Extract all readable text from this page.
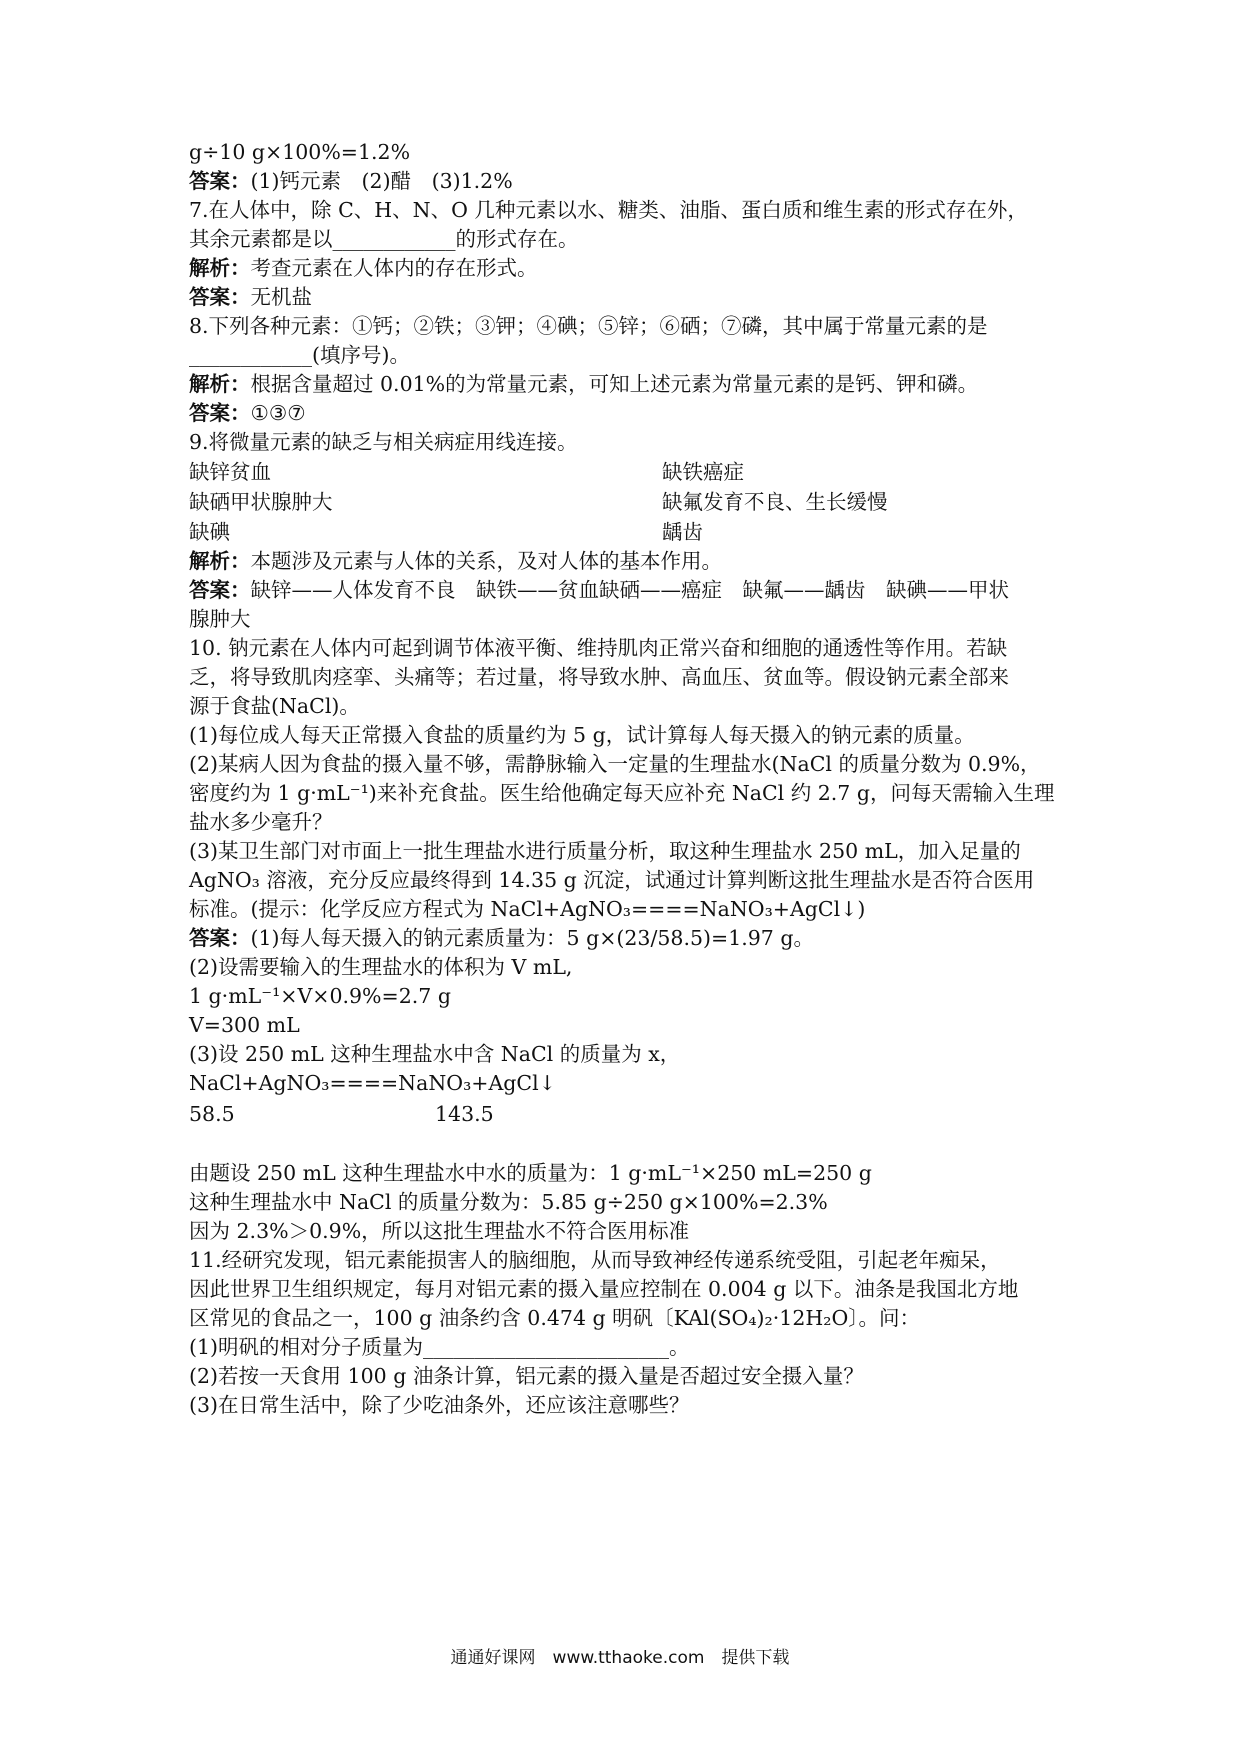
g÷10 g×100%=1.2%
答案：(1)钙元素　(2)醋　(3)1.2%
7.在人体中，除 C、H、N、O 几种元素以水、糖类、油脂、蛋白质和维生素的形式存在外，
其余元素都是以____________的形式存在。
解析：考查元素在人体内的存在形式。
答案：无机盐
8.下列各种元素：①钙；②铁；③钾；④碘；⑤锌；⑥硒；⑦磷，其中属于常量元素的是
____________(填序号)。
解析：根据含量超过 0.01%的为常量元素，可知上述元素为常量元素的是钙、钾和磷。
答案：①③⑦
9.将微量元素的缺乏与相关病症用线连接。
缺锌贫血	缺铁癌症
缺硒甲状腺肿大	缺氟发育不良、生长缓慢
缺碘	龋齿
解析：本题涉及元素与人体的关系，及对人体的基本作用。
答案：缺锌——人体发育不良　缺铁——贫血缺硒——癌症　缺氟——龋齿　缺碘——甲状
腺肿大
10. 钠元素在人体内可起到调节体液平衡、维持肌肉正常兴奋和细胞的通透性等作用。若缺
乏，将导致肌肉痉挛、头痛等；若过量，将导致水肿、高血压、贫血等。假设钠元素全部来
源于食盐(NaCl)。
(1)每位成人每天正常摄入食盐的质量约为 5 g，试计算每人每天摄入的钠元素的质量。
(2)某病人因为食盐的摄入量不够，需静脉输入一定量的生理盐水(NaCl 的质量分数为 0.9%，
密度约为 1 g·mL⁻¹)来补充食盐。医生给他确定每天应补充 NaCl 约 2.7 g，问每天需输入生理
盐水多少毫升？
(3)某卫生部门对市面上一批生理盐水进行质量分析，取这种生理盐水 250 mL，加入足量的
AgNO₃ 溶液，充分反应最终得到 14.35 g 沉淀，试通过计算判断这批生理盐水是否符合医用
标准。(提示：化学反应方程式为 NaCl+AgNO₃====NaNO₃+AgCl↓)
答案：(1)每人每天摄入的钠元素质量为：5 g×(23/58.5)=1.97 g。
(2)设需要输入的生理盐水的体积为 V mL,
1 g·mL⁻¹×V×0.9%=2.7 g
V=300 mL
(3)设 250 mL 这种生理盐水中含 NaCl 的质量为 x，
NaCl+AgNO₃====NaNO₃+AgCl↓
58.5	143.5
由题设 250 mL 这种生理盐水中水的质量为：1 g·mL⁻¹×250 mL=250 g
这种生理盐水中 NaCl 的质量分数为：5.85 g÷250 g×100%=2.3%
因为 2.3%＞0.9%，所以这批生理盐水不符合医用标准
11.经研究发现，铝元素能损害人的脑细胞，从而导致神经传递系统受阻，引起老年痴呆，
因此世界卫生组织规定，每月对铝元素的摄入量应控制在 0.004 g 以下。油条是我国北方地
区常见的食品之一，100 g 油条约含 0.474 g 明矾〔KAl(SO₄)₂·12H₂O〕。问：
(1)明矾的相对分子质量为________________________。
(2)若按一天食用 100 g 油条计算，铝元素的摄入量是否超过安全摄入量？
(3)在日常生活中，除了少吃油条外，还应该注意哪些？
通通好课网　www.tthaoke.com　提供下载
